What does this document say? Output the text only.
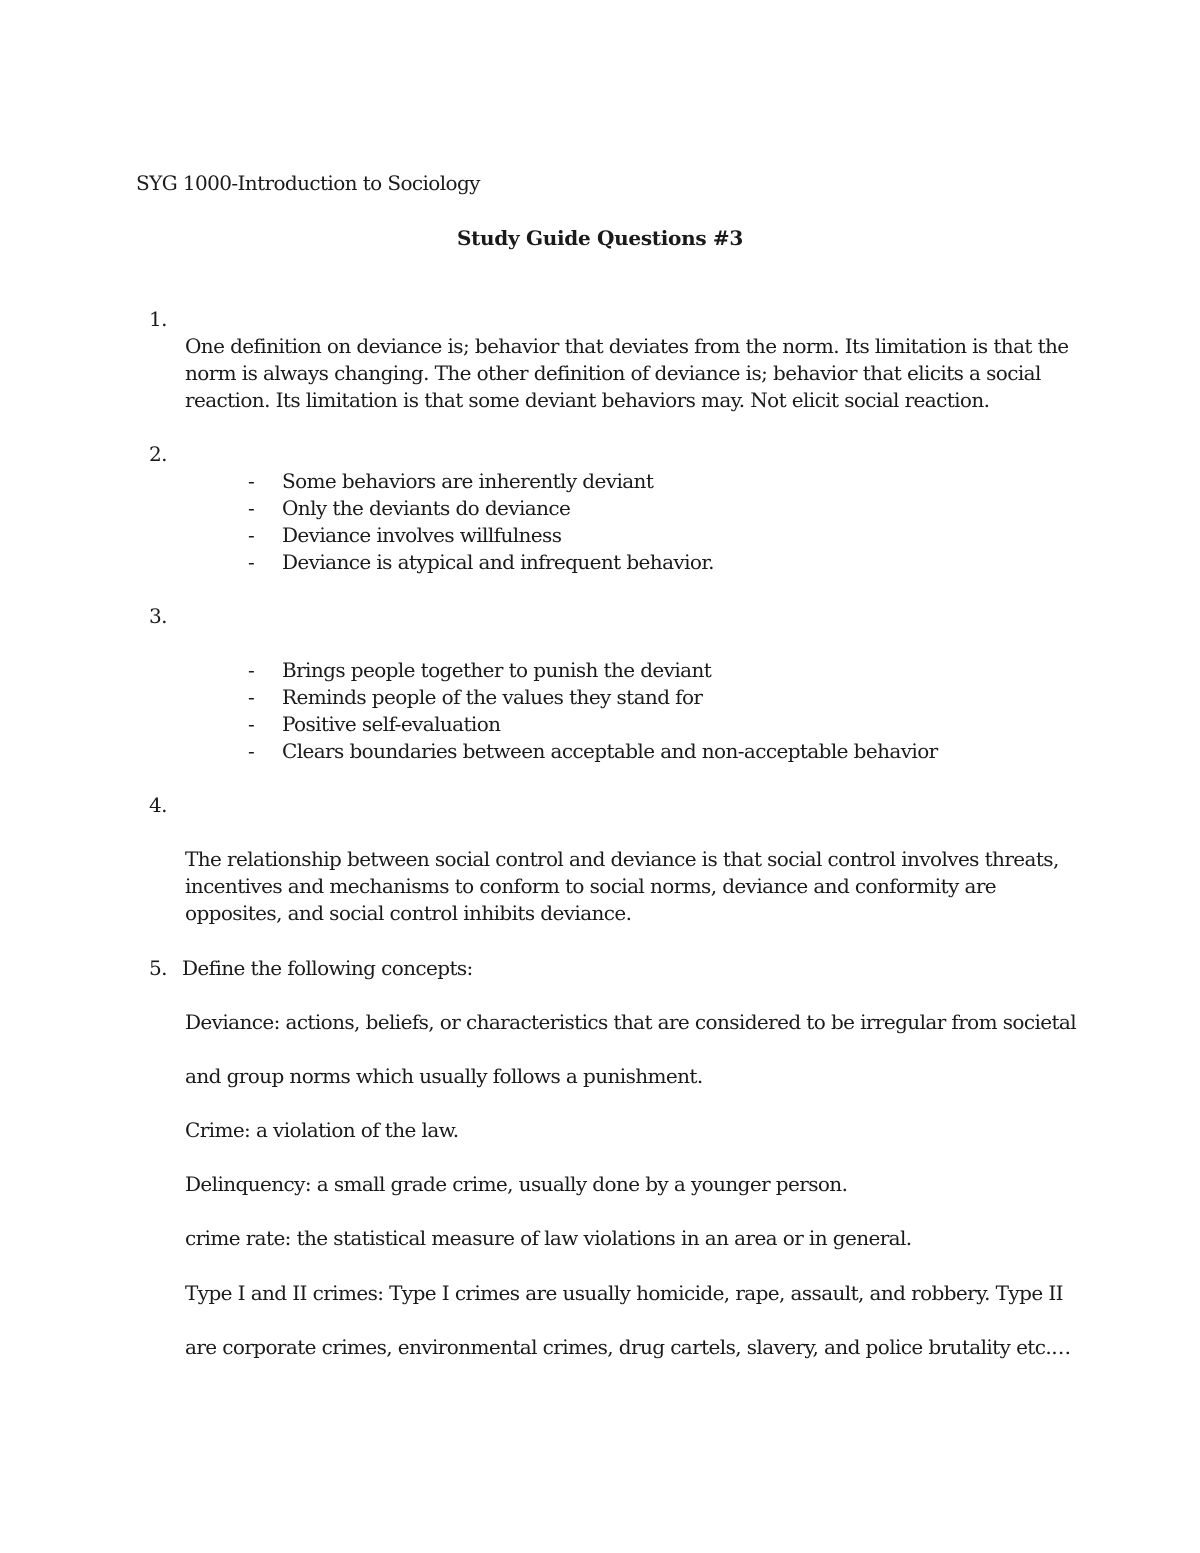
SYG 1000-Introduction to Sociology

Study Guide Questions #3

1.

One definition on deviance is; behavior that deviates from the norm. Its limitation is that the

norm is always changing. The other definition of deviance is; behavior that elicits a social

reaction. Its limitation is that some deviant behaviors may. Not elicit social reaction.

2.

- Some behaviors are inherently deviant

- Only the deviants do deviance

- Deviance involves willfulness

- Deviance is atypical and infrequent behavior.

3.

- Brings people together to punish the deviant

- Reminds people of the values they stand for

- Positive self-evaluation

- Clears boundaries between acceptable and non-acceptable behavior

4.

The relationship between social control and deviance is that social control involves threats,

incentives and mechanisms to conform to social norms, deviance and conformity are

opposites, and social control inhibits deviance.

5. Define the following concepts:

Deviance: actions, beliefs, or characteristics that are considered to be irregular from societal

and group norms which usually follows a punishment.

Crime: a violation of the law.

Delinquency: a small grade crime, usually done by a younger person.

crime rate: the statistical measure of law violations in an area or in general.

Type I and II crimes: Type I crimes are usually homicide, rape, assault, and robbery. Type II

are corporate crimes, environmental crimes, drug cartels, slavery, and police brutality etc.…
